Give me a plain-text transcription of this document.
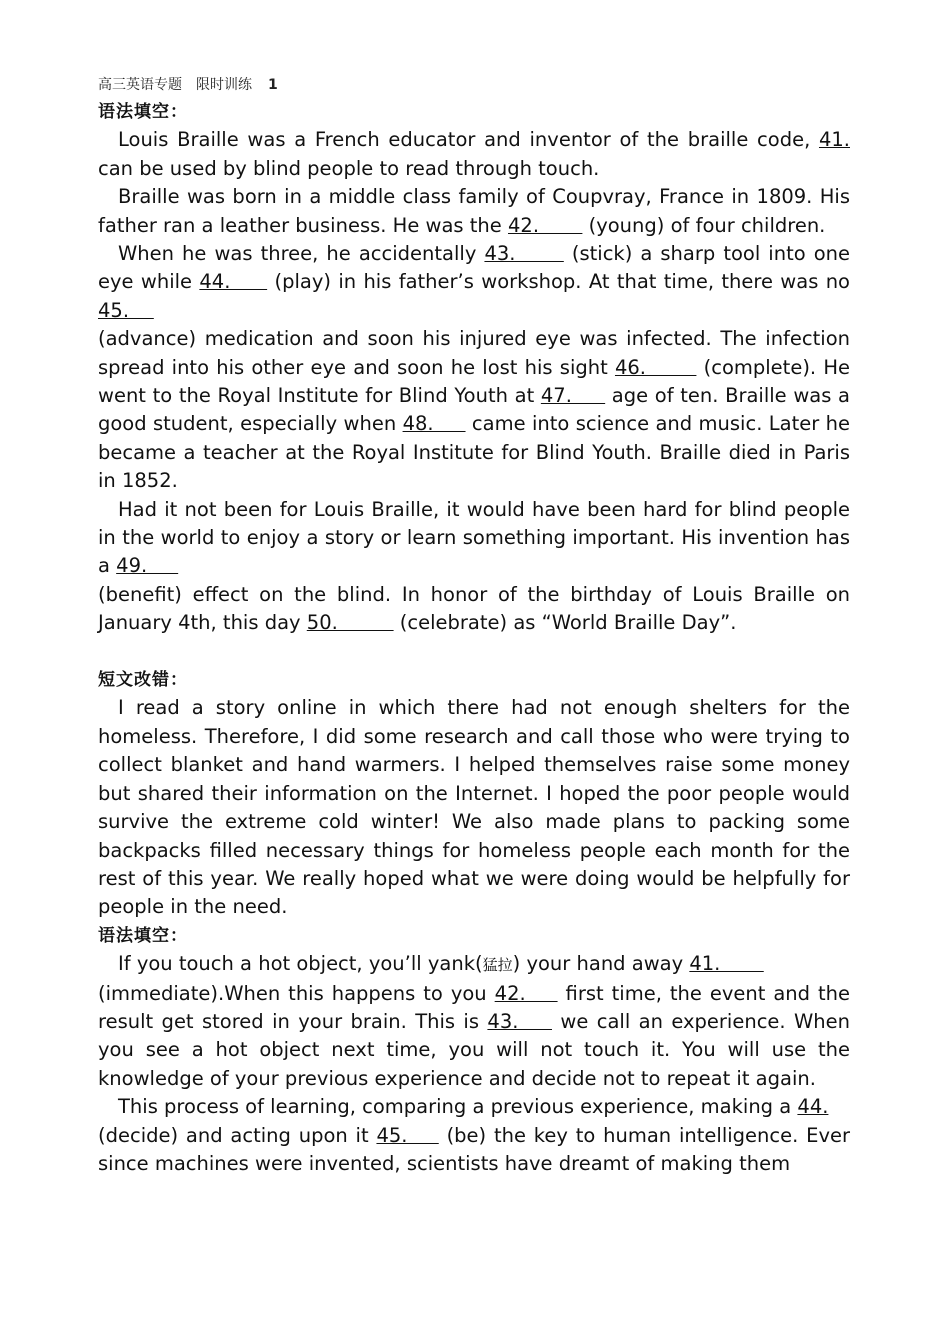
高三英语专题　限时训练 1
语法填空：

Louis Braille was a French educator and inventor of the braille code, 41. can be used by blind people to read through touch.

Braille was born in a middle class family of Coupvray, France in 1809. His father ran a leather business. He was the 42.        (young) of four children.

When he was three, he accidentally 43.       (stick) a sharp tool into one eye while 44.      (play) in his father’s workshop. At that time, there was no 45.
(advance) medication and soon his injured eye was infected. The infection spread into his other eye and soon he lost his sight 46.        (complete). He went to the Royal Institute for Blind Youth at 47.      age of ten. Braille was a good student, especially when 48.      came into science and music. Later he became a teacher at the Royal Institute for Blind Youth. Braille died in Paris in 1852.

Had it not been for Louis Braille, it would have been hard for blind people in the world to enjoy a story or learn something important. His invention has a 49.
(benefit) effect on the blind. In honor of the birthday of Louis Braille on January 4th, this day 50.          (celebrate) as “World Braille Day”.

短文改错：

I read a story online in which there had not enough shelters for the homeless. Therefore, I did some research and call those who were trying to collect blanket and hand warmers. I helped themselves raise some money but shared their information on the Internet. I hoped the poor people would survive the extreme cold winter! We also made plans to packing some backpacks filled necessary things for homeless people each month for the rest of this year. We really hoped what we were doing would be helpfully for people in the need.

语法填空：

If you touch a hot object, you’ll yank(猛拉) your hand away 41.
(immediate).When this happens to you 42.     first time, the event and the result get stored in your brain. This is 43.     we call an experience. When you see a hot object next time, you will not touch it. You will use the knowledge of your previous experience and decide not to repeat it again.

This process of learning, comparing a previous experience, making a 44.
(decide) and acting upon it 45.     (be) the key to human intelligence. Ever since machines were invented, scientists have dreamt of making them
